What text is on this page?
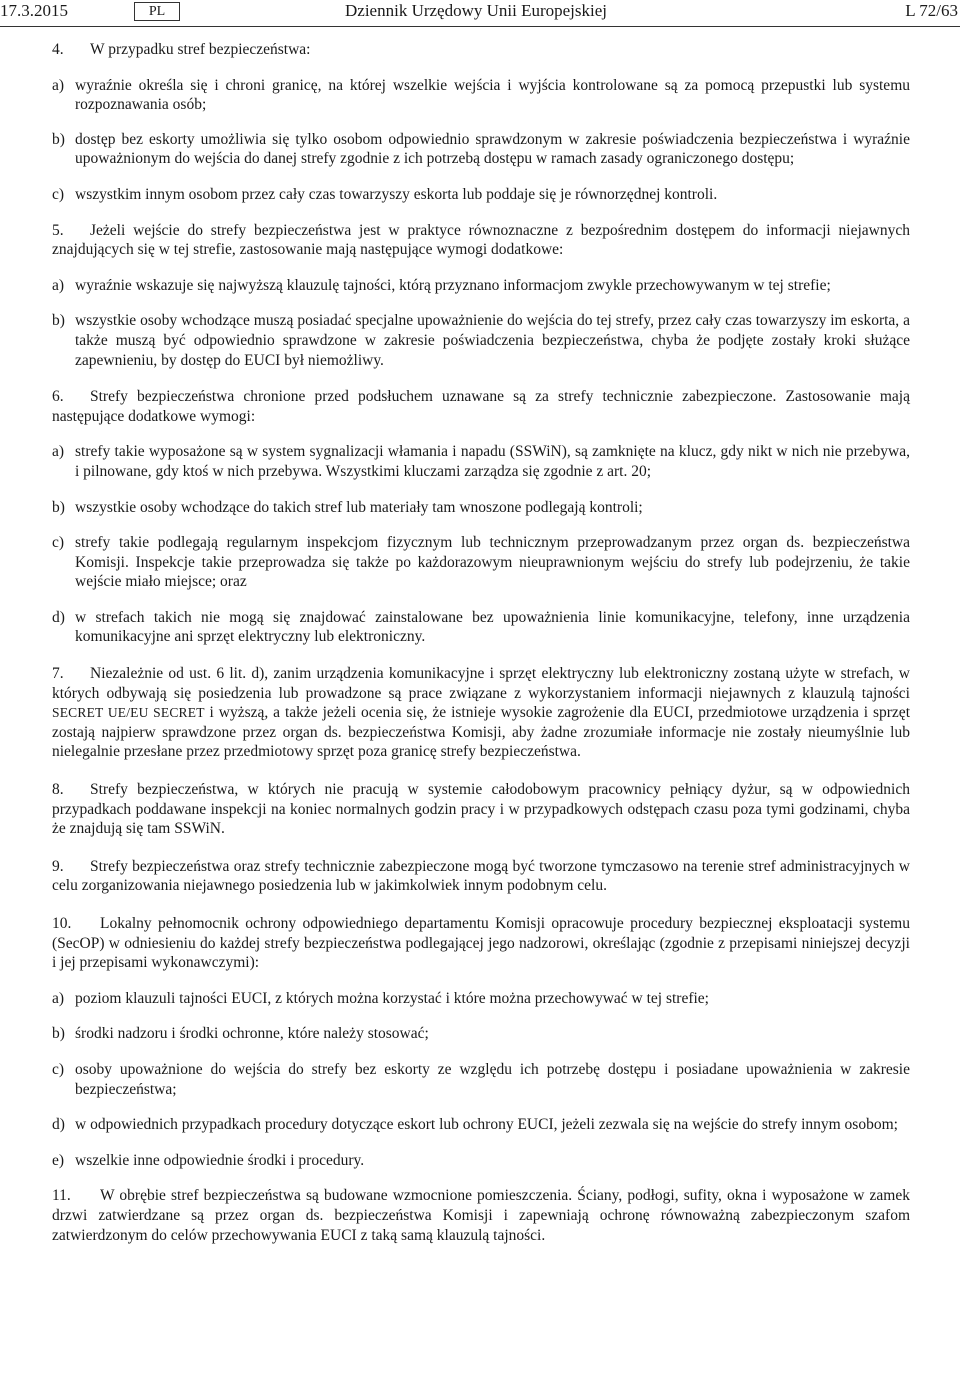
17.3.2015	PL	Dziennik Urzędowy Unii Europejskiej	L 72/63

4. W przypadku stref bezpieczeństwa:

a) wyraźnie określa się i chroni granicę, na której wszelkie wejścia i wyjścia kontrolowane są za pomocą przepustki lub systemu rozpoznawania osób;

b) dostęp bez eskorty umożliwia się tylko osobom odpowiednio sprawdzonym w zakresie poświadczenia bezpieczeństwa i wyraźnie upoważnionym do wejścia do danej strefy zgodnie z ich potrzebą dostępu w ramach zasady ograniczonego dostępu;

c) wszystkim innym osobom przez cały czas towarzyszy eskorta lub poddaje się je równorzędnej kontroli.

5. Jeżeli wejście do strefy bezpieczeństwa jest w praktyce równoznaczne z bezpośrednim dostępem do informacji niejawnych znajdujących się w tej strefie, zastosowanie mają następujące wymogi dodatkowe:

a) wyraźnie wskazuje się najwyższą klauzulę tajności, którą przyznano informacjom zwykle przechowywanym w tej strefie;

b) wszystkie osoby wchodzące muszą posiadać specjalne upoważnienie do wejścia do tej strefy, przez cały czas towarzyszy im eskorta, a także muszą być odpowiednio sprawdzone w zakresie poświadczenia bezpieczeństwa, chyba że podjęte zostały kroki służące zapewnieniu, by dostęp do EUCI był niemożliwy.

6. Strefy bezpieczeństwa chronione przed podsłuchem uznawane są za strefy technicznie zabezpieczone. Zastosowanie mają następujące dodatkowe wymogi:

a) strefy takie wyposażone są w system sygnalizacji włamania i napadu (SSWiN), są zamknięte na klucz, gdy nikt w nich nie przebywa, i pilnowane, gdy ktoś w nich przebywa. Wszystkimi kluczami zarządza się zgodnie z art. 20;

b) wszystkie osoby wchodzące do takich stref lub materiały tam wnoszone podlegają kontroli;

c) strefy takie podlegają regularnym inspekcjom fizycznym lub technicznym przeprowadzanym przez organ ds. bezpieczeństwa Komisji. Inspekcje takie przeprowadza się także po każdorazowym nieuprawnionym wejściu do strefy lub podejrzeniu, że takie wejście miało miejsce; oraz

d) w strefach takich nie mogą się znajdować zainstalowane bez upoważnienia linie komunikacyjne, telefony, inne urządzenia komunikacyjne ani sprzęt elektryczny lub elektroniczny.

7. Niezależnie od ust. 6 lit. d), zanim urządzenia komunikacyjne i sprzęt elektryczny lub elektroniczny zostaną użyte w strefach, w których odbywają się posiedzenia lub prowadzone są prace związane z wykorzystaniem informacji niejawnych z klauzulą tajności SECRET UE/EU SECRET i wyższą, a także jeżeli ocenia się, że istnieje wysokie zagrożenie dla EUCI, przedmiotowe urządzenia i sprzęt zostają najpierw sprawdzone przez organ ds. bezpieczeństwa Komisji, aby żadne zrozumiałe informacje nie zostały nieumyślnie lub nielegalnie przesłane przez przedmiotowy sprzęt poza granicę strefy bezpieczeństwa.

8. Strefy bezpieczeństwa, w których nie pracują w systemie całodobowym pracownicy pełniący dyżur, są w odpowiednich przypadkach poddawane inspekcji na koniec normalnych godzin pracy i w przypadkowych odstępach czasu poza tymi godzinami, chyba że znajdują się tam SSWiN.

9. Strefy bezpieczeństwa oraz strefy technicznie zabezpieczone mogą być tworzone tymczasowo na terenie stref administracyjnych w celu zorganizowania niejawnego posiedzenia lub w jakimkolwiek innym podobnym celu.

10. Lokalny pełnomocnik ochrony odpowiedniego departamentu Komisji opracowuje procedury bezpiecznej eksploatacji systemu (SecOP) w odniesieniu do każdej strefy bezpieczeństwa podlegającej jego nadzorowi, określając (zgodnie z przepisami niniejszej decyzji i jej przepisami wykonawczymi):

a) poziom klauzuli tajności EUCI, z których można korzystać i które można przechowywać w tej strefie;

b) środki nadzoru i środki ochronne, które należy stosować;

c) osoby upoważnione do wejścia do strefy bez eskorty ze względu ich potrzebę dostępu i posiadane upoważnienia w zakresie bezpieczeństwa;

d) w odpowiednich przypadkach procedury dotyczące eskort lub ochrony EUCI, jeżeli zezwala się na wejście do strefy innym osobom;

e) wszelkie inne odpowiednie środki i procedury.

11. W obrębie stref bezpieczeństwa są budowane wzmocnione pomieszczenia. Ściany, podłogi, sufity, okna i wyposażone w zamek drzwi zatwierdzane są przez organ ds. bezpieczeństwa Komisji i zapewniają ochronę równoważną zabezpieczonym szafom zatwierdzonym do celów przechowywania EUCI z taką samą klauzulą tajności.
